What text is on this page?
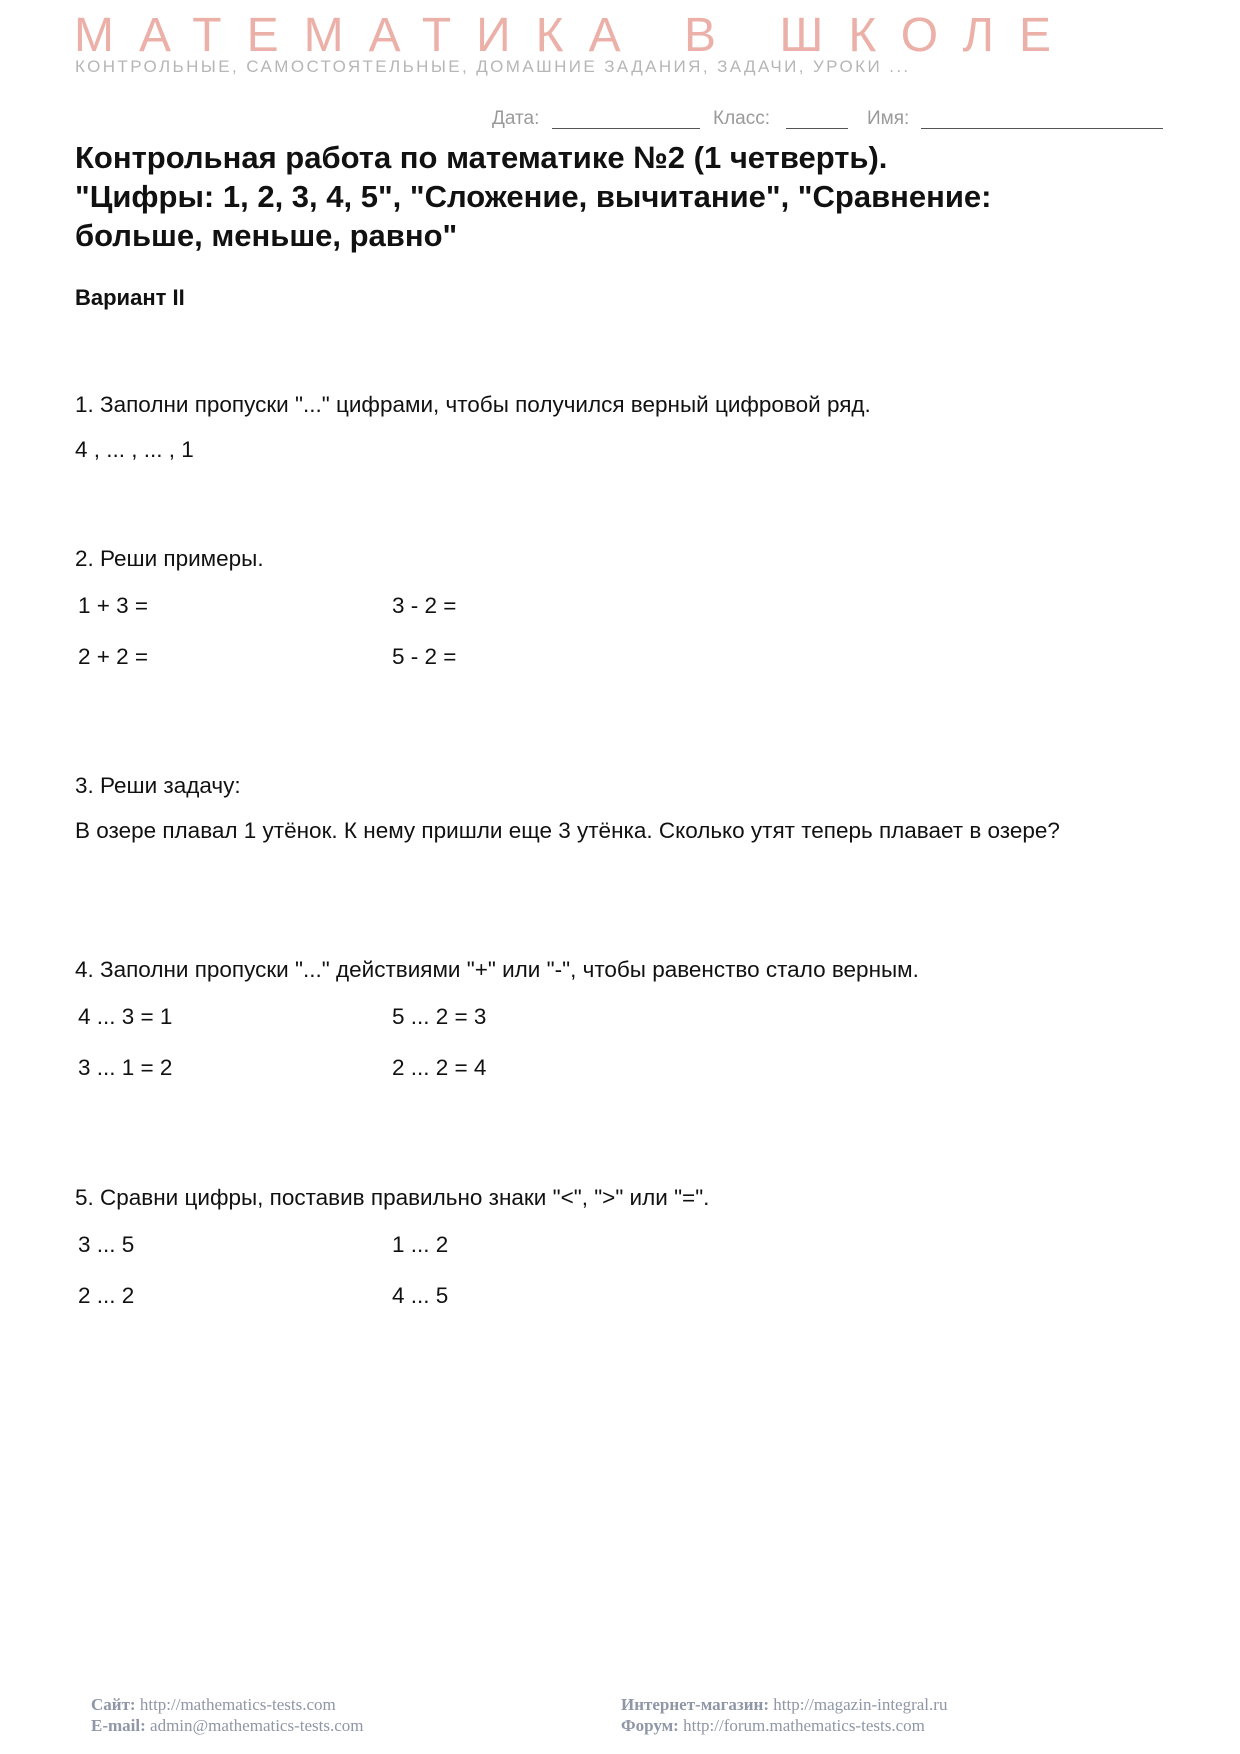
МАТЕМАТИКА В ШКОЛЕ
КОНТРОЛЬНЫЕ, САМОСТОЯТЕЛЬНЫЕ, ДОМАШНИЕ ЗАДАНИЯ, ЗАДАЧИ, УРОКИ ...
Дата:	Класс:	Имя:
Контрольная работа по математике №2 (1 четверть).
"Цифры: 1, 2, 3, 4, 5", "Сложение, вычитание", "Сравнение:
больше, меньше, равно"
Вариант II
1. Заполни пропуски "..." цифрами, чтобы получился верный цифровой ряд.
4 , ... , ... , 1
2. Реши примеры.
1 + 3 =	3 - 2 =
2 + 2 =	5 - 2 =
3. Реши задачу:
В озере плавал 1 утёнок. К нему пришли еще 3 утёнка. Сколько утят теперь плавает в озере?
4. Заполни пропуски "..." действиями "+" или "-", чтобы равенство стало верным.
4 ... 3 = 1	5 ... 2 = 3
3 ... 1 = 2	2 ... 2 = 4
5. Сравни цифры, поставив правильно знаки "<", ">" или "=".
3 ... 5	1 ... 2
2 ... 2	4 ... 5
Сайт: http://mathematics-tests.com
E-mail: admin@mathematics-tests.com
Интернет-магазин: http://magazin-integral.ru
Форум: http://forum.mathematics-tests.com
